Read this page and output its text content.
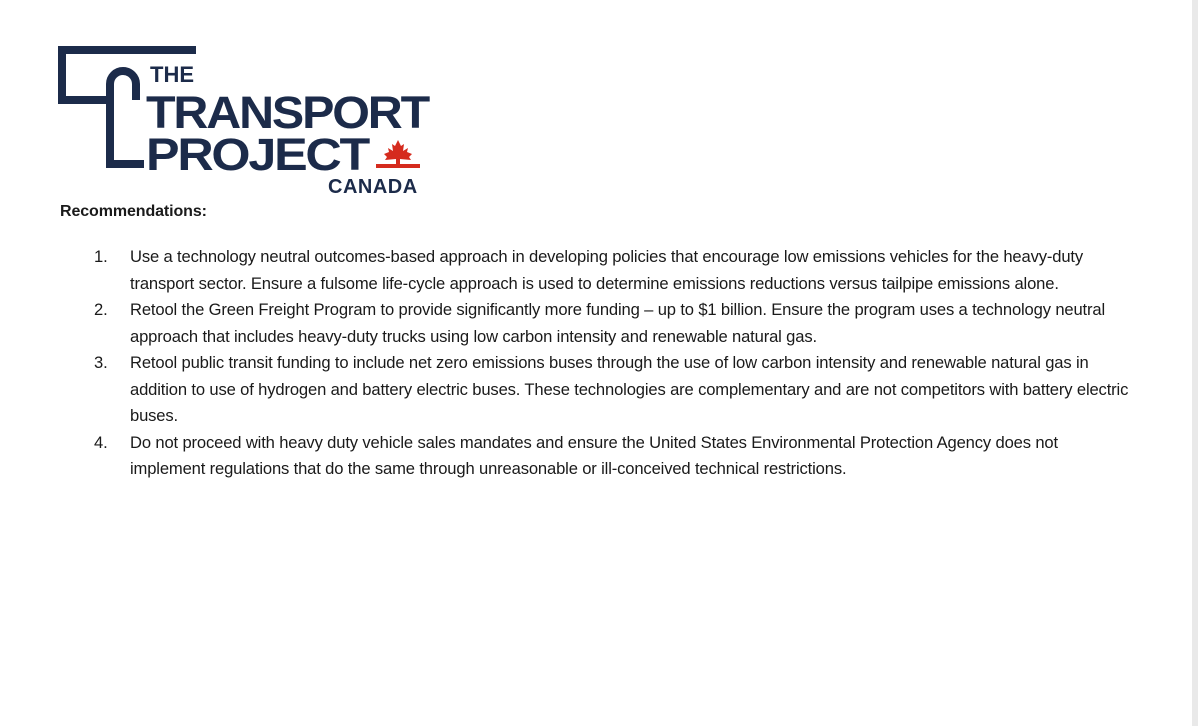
THE
TRANSPORT
PROJECT
CANADA
Recommendations:
1. Use a technology neutral outcomes-based approach in developing policies that encourage low emissions vehicles for the heavy-duty transport sector. Ensure a fulsome life-cycle approach is used to determine emissions reductions versus tailpipe emissions alone.
2. Retool the Green Freight Program to provide significantly more funding – up to $1 billion. Ensure the program uses a technology neutral approach that includes heavy-duty trucks using low carbon intensity and renewable natural gas.
3. Retool public transit funding to include net zero emissions buses through the use of low carbon intensity and renewable natural gas in addition to use of hydrogen and battery electric buses. These technologies are complementary and are not competitors with battery electric buses.
4. Do not proceed with heavy duty vehicle sales mandates and ensure the United States Environmental Protection Agency does not implement regulations that do the same through unreasonable or ill-conceived technical restrictions.
